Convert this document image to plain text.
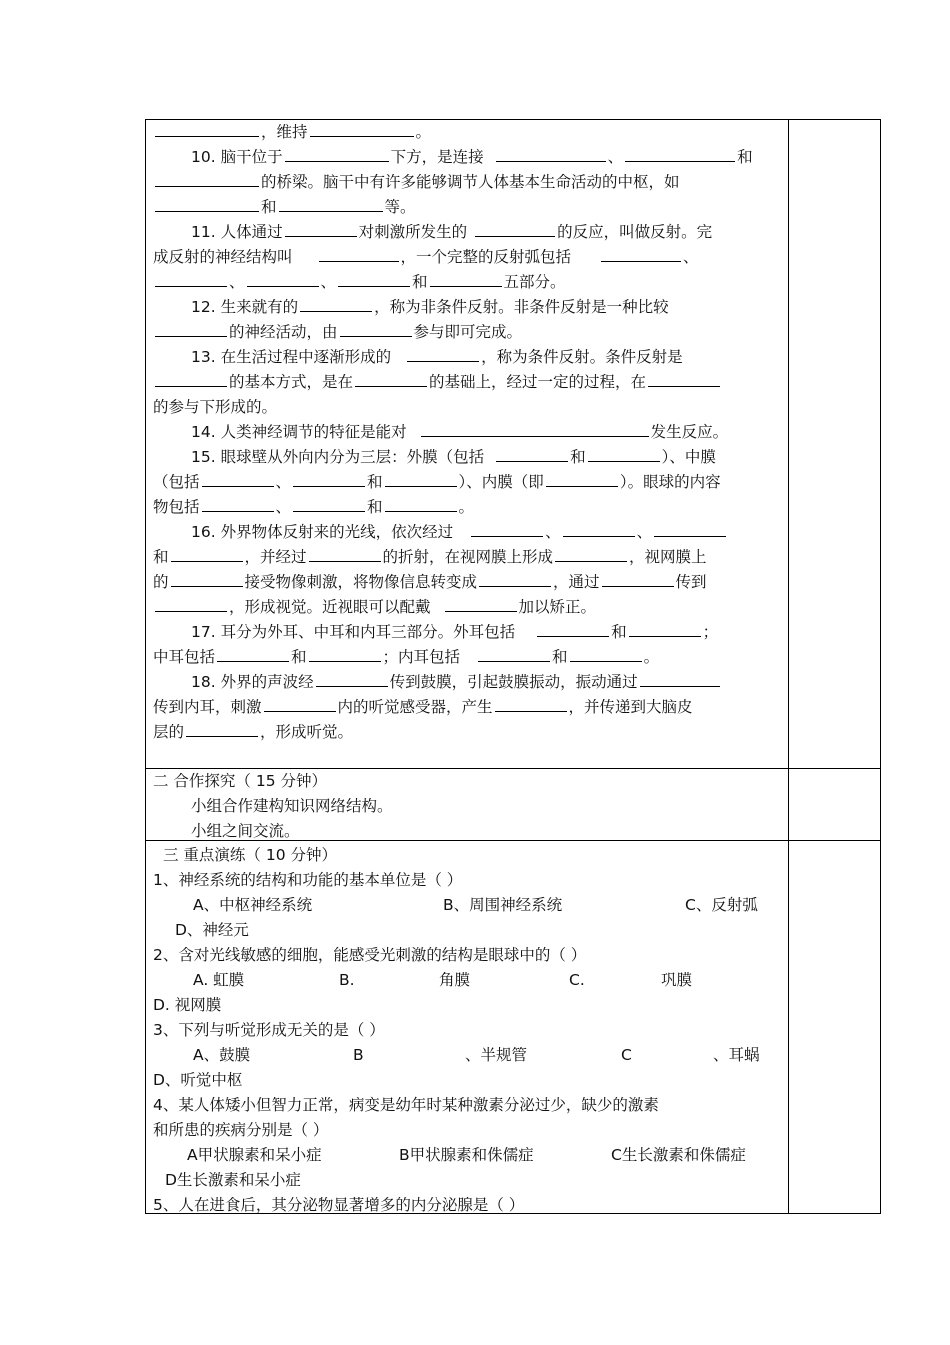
，维持	。
10. 脑干位于	下方，是连接	、	和
的桥梁。脑干中有许多能够调节人体基本生命活动的中枢，如
和	等。
11. 人体通过	对刺激所发生的	的反应，叫做反射。完
成反射的神经结构叫	，一个完整的反射弧包括	、
、	、	和	五部分。
12. 生来就有的	，称为非条件反射。非条件反射是一种比较
的神经活动，由	参与即可完成。
13. 在生活过程中逐渐形成的	，称为条件反射。条件反射是
的基本方式，是在	的基础上，经过一定的过程，在
的参与下形成的。
14. 人类神经调节的特征是能对	发生反应。
15. 眼球壁从外向内分为三层：外膜（包括	和	）、中膜
（包括	、	和	）、内膜（即	）。眼球的内容
物包括	、	和	。
16. 外界物体反射来的光线，依次经过	、	、
和	，并经过	的折射，在视网膜上形成	，视网膜上
的	接受物像刺激，将物像信息转变成	，通过	传到
，形成视觉。近视眼可以配戴	加以矫正。
17. 耳分为外耳、中耳和内耳三部分。外耳包括	和	；
中耳包括	和	；内耳包括	和	。
18. 外界的声波经	传到鼓膜，引起鼓膜振动，振动通过
传到内耳，刺激	内的听觉感受器，产生	，并传递到大脑皮
层的	，形成听觉。
二 合作探究（ 15 分钟）
小组合作建构知识网络结构。
小组之间交流。
三 重点演练（ 10 分钟）
1、神经系统的结构和功能的基本单位是（ ）
A、中枢神经系统	B、周围神经系统	C、反射弧
D、神经元
2、含对光线敏感的细胞，能感受光刺激的结构是眼球中的（ ）
A. 虹膜	B.	角膜	C.	巩膜
D. 视网膜
3、下列与听觉形成无关的是（ ）
A、鼓膜	B	、半规管	C	、耳蜗
D、听觉中枢
4、某人体矮小但智力正常，病变是幼年时某种激素分泌过少，缺少的激素
和所患的疾病分别是（ ）
A甲状腺素和呆小症	B甲状腺素和侏儒症	C生长激素和侏儒症
D生长激素和呆小症
5、人在进食后，其分泌物显著增多的内分泌腺是（ ）
